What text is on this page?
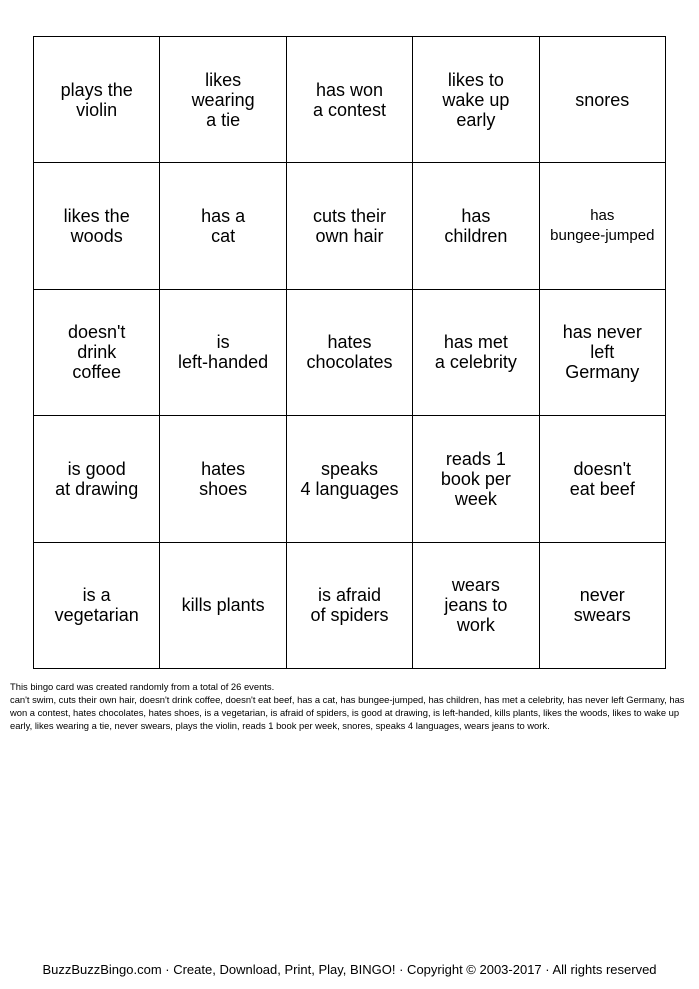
plays the
violin
likes
wearing
a tie
has won
a contest
likes to
wake up
early
snores
likes the
woods
has a
cat
cuts their
own hair
has
children
has
bungee-jumped
doesn't
drink
coffee
is
left-handed
hates
chocolates
has met
a celebrity
has never
left
Germany
is good
at drawing
hates
shoes
speaks
4 languages
reads 1
book per
week
doesn't
eat beef
is a
vegetarian kills plants	is afraid
of spiders
wears
jeans to
work
never
swears

This bingo card was created randomly from a total of 26 events.

can't swim, cuts their own hair, doesn't drink coffee, doesn't eat beef, has a cat, has bungee-jumped, has children, has met a celebrity, has never left Germany, has won a contest, hates chocolates, hates shoes, is a vegetarian, is afraid of spiders, is good at drawing, is left-handed, kills plants, likes the woods, likes to wake up early, likes wearing a tie, never swears, plays the violin, reads 1 book per week, snores, speaks 4 languages, wears jeans to work.

BuzzBuzzBingo.com · Create, Download, Print, Play, BINGO! · Copyright © 2003-2017 · All rights reserved
